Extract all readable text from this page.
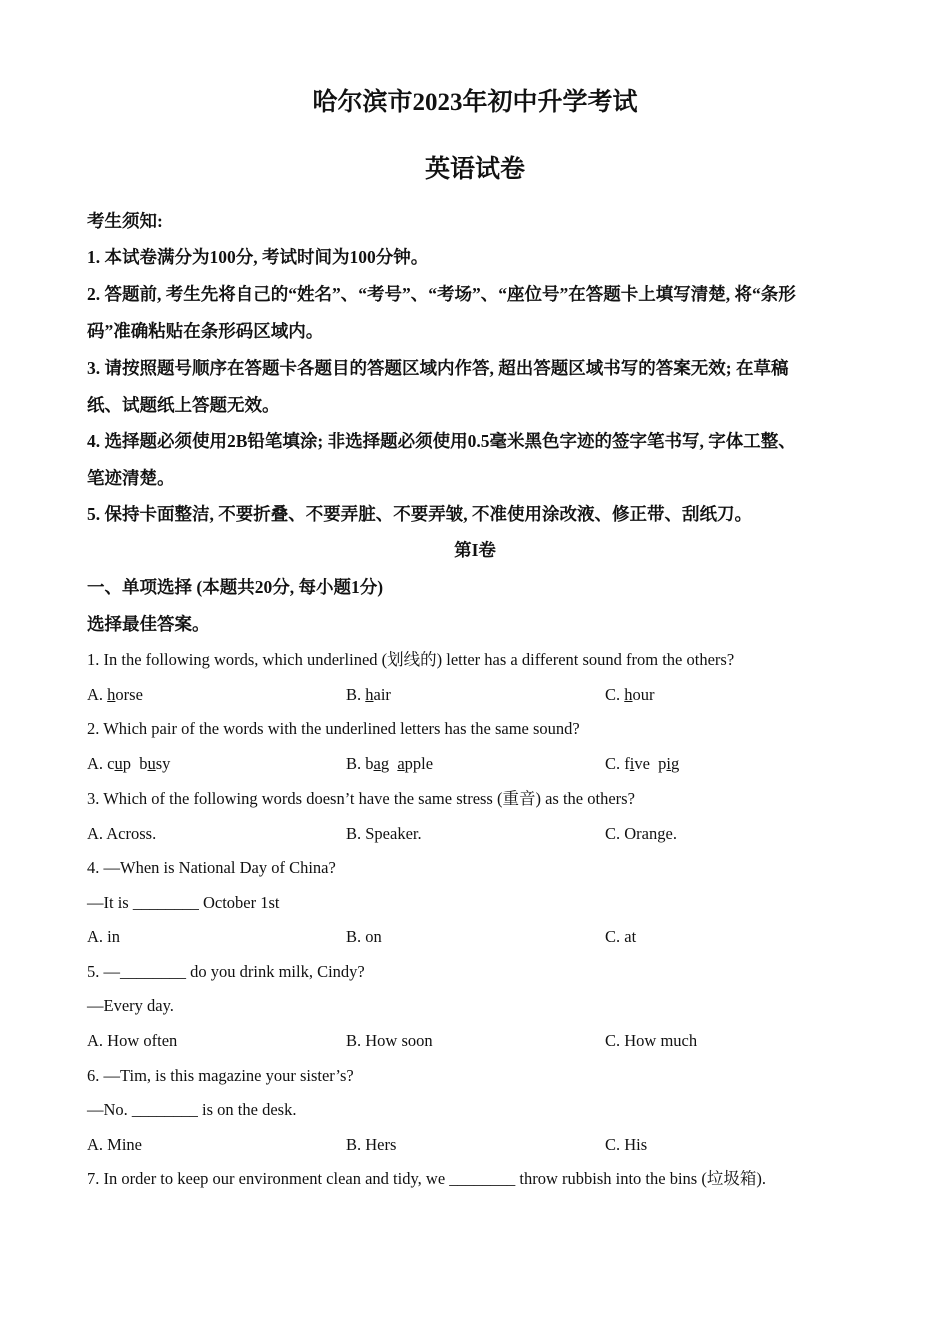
哈尔滨市2023年初中升学考试
英语试卷
考生须知:
1. 本试卷满分为100分, 考试时间为100分钟。
2. 答题前, 考生先将自己的“姓名”、“考号”、“考场”、“座位号”在答题卡上填写清楚, 将“条形
码”准确粘贴在条形码区域内。
3. 请按照题号顺序在答题卡各题目的答题区域内作答, 超出答题区域书写的答案无效; 在草稿
纸、试题纸上答题无效。
4. 选择题必须使用2B铅笔填涂; 非选择题必须使用0.5毫米黑色字迹的签字笔书写, 字体工整、
笔迹清楚。
5. 保持卡面整洁, 不要折叠、不要弄脏、不要弄皱, 不准使用涂改液、修正带、刮纸刀。
第I卷
一、单项选择 (本题共20分, 每小题1分)
选择最佳答案。
1. In the following words, which underlined (划线的) letter has a different sound from the others?
A. horse	B. hair	C. hour
2. Which pair of the words with the underlined letters has the same sound?
A. cup  busy	B. bag  apple	C. five  pig
3. Which of the following words doesn’t have the same stress (重音) as the others?
A. Across.	B. Speaker.	C. Orange.
4. —When is National Day of China?
—It is ________ October 1st
A. in	B. on	C. at
5. —________ do you drink milk, Cindy?
—Every day.
A. How often	B. How soon	C. How much
6. —Tim, is this magazine your sister’s?
—No. ________ is on the desk.
A. Mine	B. Hers	C. His
7. In order to keep our environment clean and tidy, we ________ throw rubbish into the bins (垃圾箱).
